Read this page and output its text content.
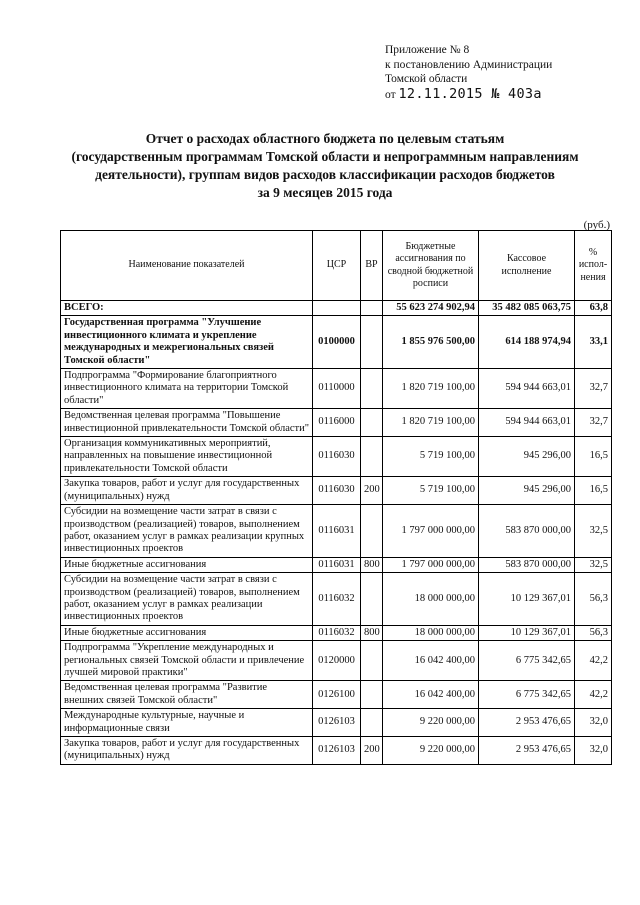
Приложение № 8
к постановлению Администрации
Томской области
от 12.11.2015 № 403а
Отчет о расходах областного бюджета по целевым статьям
(государственным программам Томской области и непрограммным направлениям
деятельности), группам видов расходов классификации расходов бюджетов
за 9 месяцев 2015 года
(руб.)
Наименование показателей	ЦСР	ВР	Бюджетные ассигнования по сводной бюджетной росписи	Кассовое исполнение	% испол-нения
ВСЕГО:			55 623 274 902,94	35 482 085 063,75	63,8
Государственная программа "Улучшение инвестиционного климата и укрепление международных и межрегиональных связей Томской области"	0100000		1 855 976 500,00	614 188 974,94	33,1
Подпрограмма "Формирование благоприятного инвестиционного климата на территории Томской области"	0110000		1 820 719 100,00	594 944 663,01	32,7
Ведомственная целевая программа "Повышение инвестиционной привлекательности Томской области"	0116000		1 820 719 100,00	594 944 663,01	32,7
Организация коммуникативных мероприятий, направленных на повышение инвестиционной привлекательности Томской области	0116030		5 719 100,00	945 296,00	16,5
Закупка товаров, работ и услуг для государственных (муниципальных) нужд	0116030	200	5 719 100,00	945 296,00	16,5
Субсидии на возмещение части затрат в связи с производством (реализацией) товаров, выполнением работ, оказанием услуг в рамках реализации крупных инвестиционных проектов	0116031		1 797 000 000,00	583 870 000,00	32,5
Иные бюджетные ассигнования	0116031	800	1 797 000 000,00	583 870 000,00	32,5
Субсидии на возмещение части затрат в связи с производством (реализацией) товаров, выполнением работ, оказанием услуг в рамках реализации инвестиционных проектов	0116032		18 000 000,00	10 129 367,01	56,3
Иные бюджетные ассигнования	0116032	800	18 000 000,00	10 129 367,01	56,3
Подпрограмма "Укрепление международных и региональных связей Томской области и привлечение лучшей мировой практики"	0120000		16 042 400,00	6 775 342,65	42,2
Ведомственная целевая программа "Развитие внешних связей Томской области"	0126100		16 042 400,00	6 775 342,65	42,2
Международные культурные, научные и информационные связи	0126103		9 220 000,00	2 953 476,65	32,0
Закупка товаров, работ и услуг для государственных (муниципальных) нужд	0126103	200	9 220 000,00	2 953 476,65	32,0
